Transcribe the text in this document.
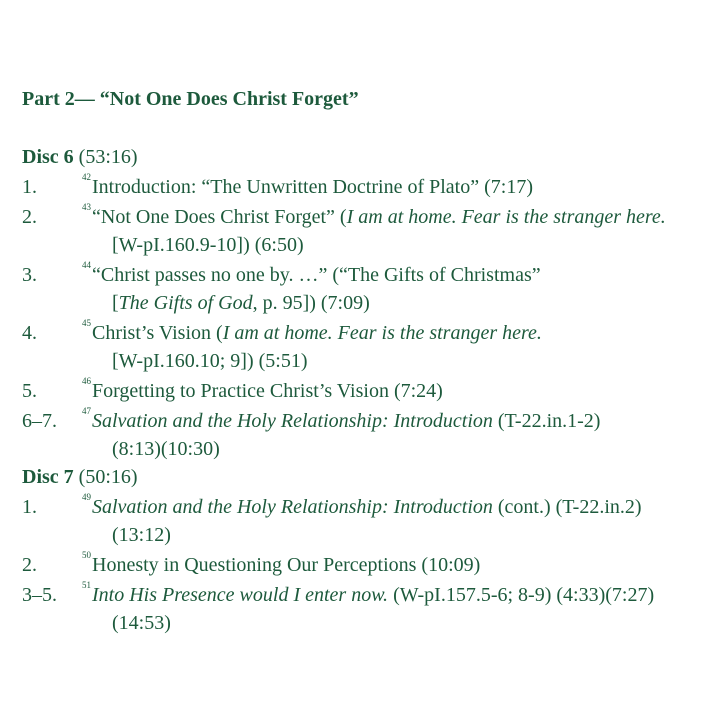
Part 2— “Not One Does Christ Forget”
Disc 6 (53:16)
1.	42 Introduction: “The Unwritten Doctrine of Plato” (7:17)
2.	43 “Not One Does Christ Forget” (I am at home. Fear is the stranger here.
[W-pI.160.9-10]) (6:50)
3.	44 “Christ passes no one by. …” (“The Gifts of Christmas”
[The Gifts of God, p. 95]) (7:09)
4.	45 Christ’s Vision (I am at home. Fear is the stranger here.
[W-pI.160.10; 9]) (5:51)
5.	46 Forgetting to Practice Christ’s Vision (7:24)
6–7.	47 Salvation and the Holy Relationship: Introduction (T-22.in.1-2)
(8:13)(10:30)
Disc 7 (50:16)
1.	49 Salvation and the Holy Relationship: Introduction (cont.) (T-22.in.2)
(13:12)
2.	50 Honesty in Questioning Our Perceptions (10:09)
3–5.	51 Into His Presence would I enter now. (W-pI.157.5-6; 8-9) (4:33)(7:27)
(14:53)
